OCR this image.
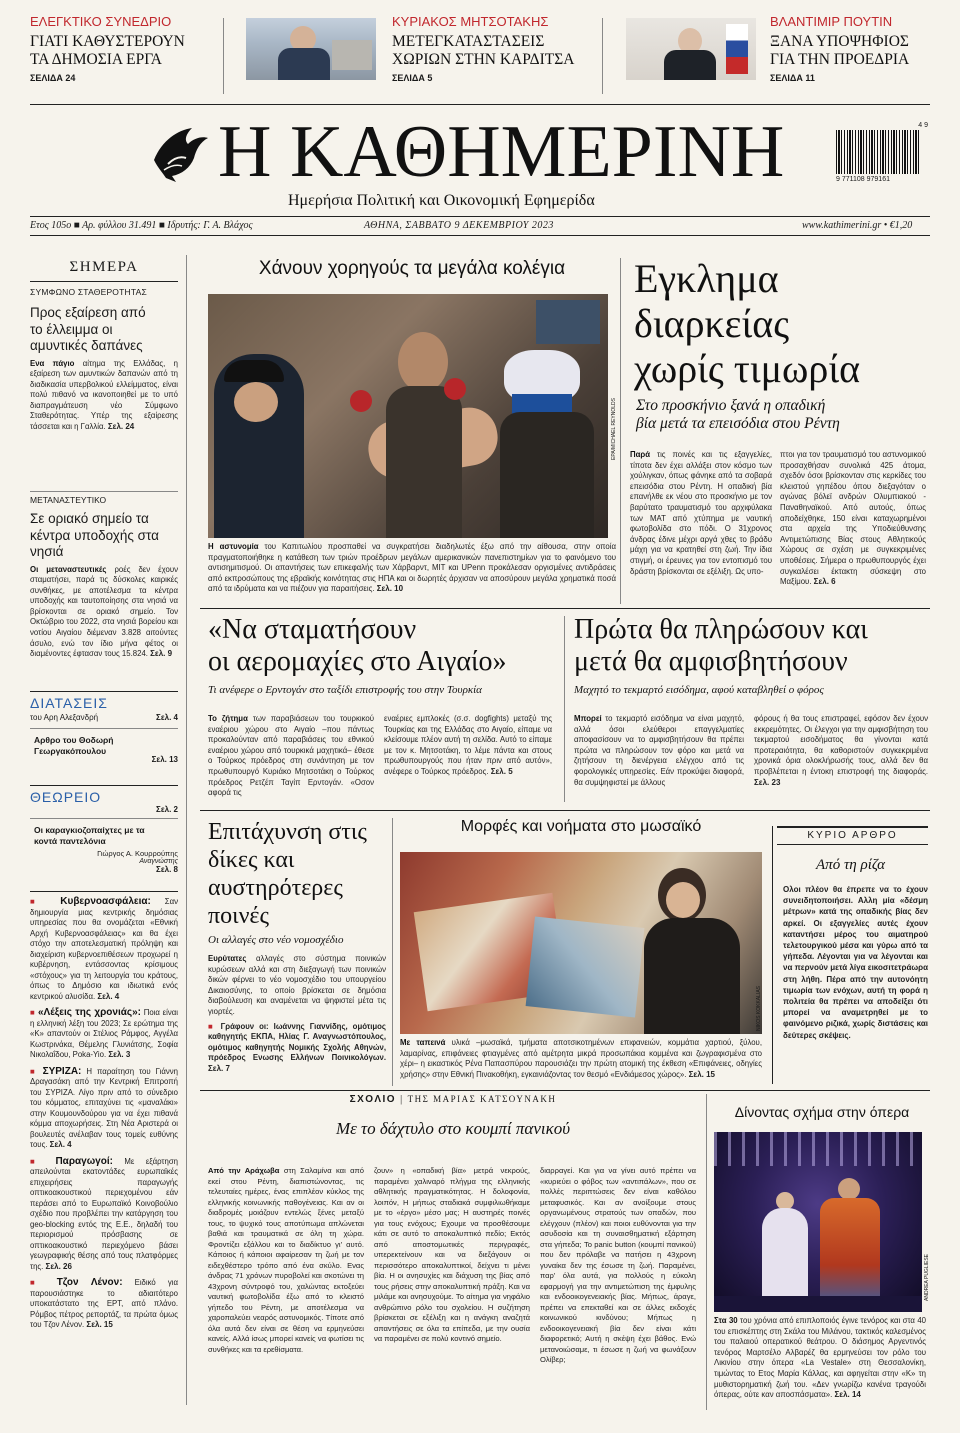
ΕΛΕΓΚΤΙΚΟ ΣΥΝΕΔΡΙΟ
ΓΙΑΤΙ ΚΑΘΥΣΤΕΡΟΥΝ
ΤΑ ΔΗΜΟΣΙΑ ΕΡΓΑ
ΣΕΛΙΔΑ 24
ΚΥΡΙΑΚΟΣ ΜΗΤΣΟΤΑΚΗΣ
ΜΕΤΕΓΚΑΤΑΣΤΑΣΕΙΣ
ΧΩΡΙΩΝ ΣΤΗΝ ΚΑΡΔΙΤΣΑ
ΣΕΛΙΔΑ 5
ΒΛΑΝΤΙΜΙΡ ΠΟΥΤΙΝ
ΞΑΝΑ ΥΠΟΨΗΦΙΟΣ
ΓΙΑ ΤΗΝ ΠΡΟΕΔΡΙΑ
ΣΕΛΙΔΑ 11
Η ΚΑΘΗΜΕΡΙΝΗ
Ημερήσια Πολιτική και Οικονομική Εφημερίδα
4 9
9 771108 979161
Ετος 105ο ■ Αρ. φύλλου 31.491 ■ Ιδρυτής: Γ. Α. Βλάχος	ΑΘΗΝΑ, ΣΑΒΒΑΤΟ 9 ΔΕΚΕΜΒΡΙΟΥ 2023	www.kathimerini.gr • €1,20
ΣΗΜΕΡΑ
ΣΥΜΦΩΝΟ ΣΤΑΘΕΡΟΤΗΤΑΣ
Προς εξαίρεση από το έλλειμμα οι αμυντικές δαπάνες
Ενα πάγιο αίτημα της Ελλάδας, η εξαίρεση των αμυντικών δαπανών από τη διαδικασία υπερβολικού ελλείμματος, είναι πολύ πιθανό να ικανοποιηθεί με το υπό διαπραγμάτευση νέο Σύμφωνο Σταθερότητας. Υπέρ της εξαίρεσης τάσσεται και η Γαλλία. Σελ. 24
ΜΕΤΑΝΑΣΤΕΥΤΙΚΟ
Σε οριακό σημείο τα κέντρα υποδοχής στα νησιά
Οι μεταναστευτικές ροές δεν έχουν σταματήσει, παρά τις δύσκολες καιρικές συνθήκες, με αποτέλεσμα τα κέντρα υποδοχής και ταυτοποίησης στα νησιά να βρίσκονται σε οριακό σημείο. Τον Οκτώβριο του 2022, στα νησιά βορείου και νοτίου Αιγαίου διέμεναν 3.828 αιτούντες άσυλο, ενώ τον ίδιο μήνα φέτος οι διαμένοντες έφτασαν τους 15.824. Σελ. 9
ΔΙΑΤΑΣΕΙΣ
του Αρη Αλεξανδρή	Σελ. 4
Αρθρο του Θοδωρή Γεωργακόπουλου
Σελ. 13
ΘΕΩΡΕΙΟ
Σελ. 2
Οι καραγκιοζοπαίχτες με τα κοντά παντελόνια
Γιώργος Α. Κουρρούπης
Αναγνώστης
Σελ. 8
■ Κυβερνοασφάλεια: Σαν δημιουργία μιας κεντρικής δημόσιας υπηρεσίας που θα ονομάζεται «Εθνική Αρχή Κυβερνοασφάλειας» και θα έχει στόχο την αποτελεσματική πρόληψη και διαχείριση κυβερνοεπιθέσεων προχωρεί η κυβέρνηση, εντάσσοντας κρίσιμους «στόχους» για τη λειτουργία του κράτους, όπως το Δημόσιο και ιδιωτικά ενός κεντρικού αλυσίδα. Σελ. 4
■ «Λέξεις της χρονιάς»: Ποια είναι η ελληνική λέξη του 2023; Σε ερώτημα της «Κ» απαντούν οι Στέλιος Ράμφος, Αγγέλα Κωστρινάκα, Θέμελης Γλυνιάτσης, Σοφία Νικολαΐδου, Poka-Yio. Σελ. 3
■ ΣΥΡΙΖΑ: Η παραίτηση του Γιάννη Δραγασάκη από την Κεντρική Επιτροπή του ΣΥΡΙΖΑ. Λίγο πριν από το σύνεδριο του κόμματος, επιταχύνει τις «μαναλάκι» στην Κουμουνδούρου για να έχει πιθανά κόμμα αποχωρήσεις. Στη Νέα Αριστερά οι βουλευτές ανέλαβαν τους τομείς ευθύνης τους. Σελ. 4
■ Παραγωγοί: Με εξάρτηση απειλούνται εκατοντάδες ευρωπαϊκές επιχειρήσεις παραγωγής οπτικοακουστικού περιεχομένου εάν περάσει από το Ευρωπαϊκό Κοινοβούλιο σχέδιο που προβλέπει την κατάργηση του geo-blocking εντός της Ε.Ε., δηλαδή του περιορισμού πρόσβασης σε οπτικοακουστικό περιεχόμενο βάσει γεωγραφικής θέσης από τους πλατφόρμες της. Σελ. 26
■ Τζον Λένον: Ειδικό για παρουσιάστηκε το αδιαιτότερο υποκατάστατο της ΕΡΤ, από πλάνο. Ρόμβος πέτρος ρεπορτάζ, τα πρώτα όμως του Τζον Λένον. Σελ. 15
Χάνουν χορηγούς τα μεγάλα κολέγια
EPA/MICHAEL REYNOLDS
Η αστυνομία του Καπιτωλίου προσπαθεί να συγκρατήσει διαδηλωτές έξω από την αίθουσα, στην οποία πραγματοποιήθηκε η κατάθεση των τριών προέδρων μεγάλων αμερικανικών πανεπιστημίων για το φαινόμενο του αντισημιτισμού. Οι απαντήσεις των επικεφαλής των Χάρβαρντ, ΜΙΤ και UPenn προκάλεσαν οργισμένες αντιδράσεις από εκπροσώπους της εβραϊκής κοινότητας στις ΗΠΑ και οι δωρητές άρχισαν να αποσύρουν μεγάλα χρηματικά ποσά από τα ιδρύματα και να πιέζουν για παραιτήσεις. Σελ. 10
Εγκλημα
διαρκείας
χωρίς τιμωρία
Στο προσκήνιο ξανά η οπαδική
βία μετά τα επεισόδια στου Ρέντη
Παρά τις ποινές και τις εξαγγελίες, τίποτα δεν έχει αλλάξει στον κόσμο των χούλιγκαν, όπως φάνηκε από τα σοβαρά επεισόδια στου Ρέντη. Η οπαδική βία επανήλθε εκ νέου στο προσκήνιο με τον βαρύτατο τραυματισμό του αρχιφύλακα των ΜΑΤ από χτύπημα με ναυτική φωτοβολίδα στο πόδι. Ο 31χρονος άνδρας έδινε μέχρι αργά χθες το βράδυ μάχη για να κρατηθεί στη ζωή. Την ίδια στιγμή, οι έρευνες για τον εντοπισμό του δράστη βρίσκονται σε εξέλιξη. Ως υπο-
πτοι για τον τραυματισμό του αστυνομικού προσαχθήσαν συνολικά 425 άτομα, σχεδόν όσοι βρίσκονταν στις κερκίδες του κλειστού γηπέδου όπου διεξαγόταν ο αγώνας βόλεϊ ανδρών Ολυμπιακού - Παναθηναϊκού. Από αυτούς, όπως αποδείχθηκε, 150 είναι καταχωρημένοι στα αρχεία της Υποδιεύθυνσης Αντιμετώπισης Βίας στους Αθλητικούς Χώρους σε σχέση με συγκεκριμένες υποθέσεις. Σήμερα ο πρωθυπουργός έχει συγκαλέσει έκτακτη σύσκεψη στο Μαξίμου. Σελ. 6
«Να σταματήσουν
οι αερομαχίες στο Αιγαίο»
Τι ανέφερε ο Ερντογάν στο ταξίδι επιστροφής του στην Τουρκία
Το ζήτημα των παραβιάσεων του τουρκικού εναέριου χώρου στο Αιγαίο –που πάντως προκαλούνταν από παραβιάσεις του εθνικού εναέριου χώρου από τουρκικά μαχητικά– έθεσε ο Τούρκος πρόεδρος στη συνάντηση με τον πρωθυπουργό Κυριάκο Μητσοτάκη ο Τούρκος πρόεδρος Ρετζέπ Ταγίπ Ερντογάν. «Οσον αφορά τις
εναέριες εμπλοκές (σ.σ. dogfights) μεταξύ της Τουρκίας και της Ελλάδας στο Αιγαίο, είπαμε να κλείσουμε πλέον αυτή τη σελίδα. Αυτό το είπαμε με τον κ. Μητσοτάκη, το λέμε πάντα και στους πρωθυπουργούς που ήταν πριν από αυτόν», ανέφερε ο Τούρκος πρόεδρος. Σελ. 5
Πρώτα θα πληρώσουν και
μετά θα αμφισβητήσουν
Μαχητό το τεκμαρτό εισόδημα, αφού καταβληθεί ο φόρος
Μπορεί το τεκμαρτό εισόδημα να είναι μαχητό, αλλά όσοι ελεύθεροι επαγγελματίες αποφασίσουν να το αμφισβητήσουν θα πρέπει πρώτα να πληρώσουν τον φόρο και μετά να ζητήσουν τη διενέργεια ελέγχου από τις φορολογικές υπηρεσίες. Εάν προκύψει διαφορά, θα συμψηφιστεί με άλλους
φόρους ή θα τους επιστραφεί, εφόσον δεν έχουν εκκρεμότητες. Οι έλεγχοι για την αμφισβήτηση του τεκμαρτού εισοδήματος θα γίνονται κατά προτεραιότητα, θα καθοριστούν συγκεκριμένα χρονικά όρια ολοκλήρωσής τους, αλλά δεν θα προβλέπεται η έντοκη επιστροφή της διαφοράς. Σελ. 23
Επιτάχυνση στις δίκες και αυστηρότερες ποινές
Οι αλλαγές στο νέο νομοσχέδιο
Ευρύτατες αλλαγές στο σύστημα ποινικών κυρώσεων αλλά και στη διεξαγωγή των ποινικών δικών φέρνει το νέο νομοσχέδιο του υπουργείου Δικαιοσύνης, το οποίο βρίσκεται σε δημόσια διαβούλευση και αναμένεται να ψηφιστεί μέτα τις γιορτές.
■ Γράφουν οι: Ιωάννης Γιανvίδης, ομότιμος καθηγητής ΕΚΠΑ, Ηλίας Γ. Αναγνωστόπουλος, ομότιμος καθηγητής Νομικής Σχολής Αθηνών, πρόεδρος Ενωσης Ελλήνων Ποινικολόγων. Σελ. 7
Μορφές και νοήματα στο μωσαϊκό
NIKOS KOKKALIAS
Με ταπεινά υλικά –μωσαϊκά, τμήματα αποτσικοτημένων επιφανειών, κομμάτια χαρτιού, ξύλου, λαμαρίνας, επιφάνειες φτιαγμένες από αμέτρητα μικρά προσωπάκια κομμένα και ζωγραφισμένα στο χέρι– η εικαστικός Ρένα Παπασπύρου παρουσιάζει την πρώτη ατομική της έκθεση «Επιφάνειες, οδηγίες χρήσης» στην Εθνική Πινακοθήκη, εγκαινιάζοντας τον θεσμό «Ενδιάμεσος χώρος». Σελ. 15
ΚΥΡΙΟ ΑΡΘΡΟ
Από τη ρίζα
Ολοι πλέον θα έπρεπε να το έχουν συνειδητοποιήσει. Αλλη μία «δέσμη μέτρων» κατά της οπαδικής βίας δεν αρκεί. Οι εξαγγελίες αυτές έχουν καταντήσει μέρος του αιματηρού τελετουργικού μέσα και γύρω από τα γήπεδα. Λέγονται για να λέγονται και να περνούν μετά λίγα εικοσιτετράωρα στη λήθη. Πέρα από την αυτονόητη τιμωρία των ενόχων, αυτή τη φορά η πολιτεία θα πρέπει να αποδείξει ότι μπορεί να αναμετρηθεί με το φαινόμενο ριζικά, χωρίς διστάσεις και δεύτερες σκέψεις.
ΣΧΟΛΙΟ | ΤΗΣ ΜΑΡΙΑΣ ΚΑΤΣΟΥΝΑΚΗ
Με το δάχτυλο στο κουμπί πανικού
Από την Αράχωβα στη Σαλαμίνα και από εκεί στου Ρέντη, διαπιστώνοντας, τις τελευταίες ημέρες, ένας επιπλέον κύκλος της ελληνικής κοινωνικής παθογένειας. Και αν οι διαδρομές μοιάζουν εντελώς ξένες μεταξύ τους, το ψυχικό τους αποτύπωμα απλώνεται βαθιά και τραυματικά σε όλη τη χώρα. Φροντίζει εξάλλου και το διαδίκτυο γι' αυτό. Κάποιος ή κάποιοι αφαίρεσαν τη ζωή με τον ειδεχθέστερο τρόπο από ένα σκύλο. Ενας άνδρας 71 χρόνων πυροβολεί και σκοτώνει τη 43χρονη σύντροφό του, χαλώντας εκτοξεύει ναυτική φωτοβολίδα έξω από το κλειστό γήπεδο του Ρέντη, με αποτέλεσμα να χαροπαλεύει νεαρός αστυνομικός. Τίποτε από όλα αυτά δεν είναι σε θέση να ερμηνεύσει κανείς. Αλλά ίσως μπορεί κανείς να φωτίσει τις συνθήκες και τα ερεθίσματα.
ζουν» η «οπαδική βία» μετρά νεκρούς, παραμένει χαλιναρό πλήγμα της ελληνικής αθλητικής πραγματικότητας. Η δολοφονία, λοιπόν, Η μήπως σταδιακά συμφιλιωθήκαμε με το «έργο» μέσο μας; Η αυστηρές ποινές για τους ενόχους; Εχουμε να προσθέσουμε κάτι σε αυτό το αποκαλυπτικό πεδίο; Εκτός από αποστομωτικές περιγραφές, υπερεκτείνουν και να διεξάγουν οι περισσότερο αποκαλυπτικοί, δείχνει τι μένει βία. Η οι ανησυχίες και διάχυση της βίας από τους ρήσεις στην αποκαλυπτική πράξη. Και να μιλάμε και ανησυχούμε. Το αίτημα για νηφάλιο ανθρώπινο ρόλο του σχολείου. Η συζήτηση βρίσκεται σε εξέλιξη και η ανάγκη αναζητά απαντήσεις σε όλα τα επίπεδα, με την ουσία να παραμένει σε πολύ κοντινό σημείο.
διαρραγεί. Και για να γίνει αυτό πρέπει να «κυριεύει ο φόβος των «αντιπάλων», που σε πολλές περιπτώσεις δεν είναι καθόλου μεταφυσικός. Και αν ανοίξουμε στους οργανωμένους στρατούς των οπαδών, που ελέγχουν (πλέον) και ποιοι ευθύνονται για την ασυδοσία και τη συναισθηματική εξάρτηση στα γήπεδα; To panic button (κουμπί πανικού) που δεν πρόλαβε να πατήσει η 43χρονη γυναίκα δεν της έσωσε τη ζωή. Παραμένει, παρ' όλα αυτά, για πολλούς η εύκολη εφαρμογή για την αντιμετώπιση της έμφυλης και ενδοοικογενειακής βίας. Μήπως, άραγε, πρέπει να επεκταθεί και σε άλλες εκδοχές κοινωνικού κινδύνου; Μήπως η ενδοοικογενειακή βία δεν είναι κάτι διαφορετικό; Αυτή η σκέψη έχει βάθος. Ενώ μετανοιώσαμε, τι έσωσε η ζωή να φωνάξουν Ολίβερ;
Δίνοντας σχήμα στην όπερα
ANDREA PUGLIESE
Στα 30 του χρόνια από επιπλοποιός έγινε τενόρος και στα 40 του επισκέπτης στη Σκάλα του Μιλάνου, τακτικός καλεσμένος του παλαιού οπερατικού θεάτρου. Ο διάσημος Αργεντινός τενόρος Μαρτσέλο Αλβαρέζ θα ερμηνεύσει τον ρόλο του Λικινίου στην όπερα «La Vestale» στη Θεσσαλονίκη, τιμώντας το Ετος Μαρία Κάλλας, και αφηγείται στην «Κ» τη μυθιστορηματική ζωή του. «Δεν γνωρίζω κανένα τραγούδι όπερας, ούτε καν αποσπάσματα». Σελ. 14
